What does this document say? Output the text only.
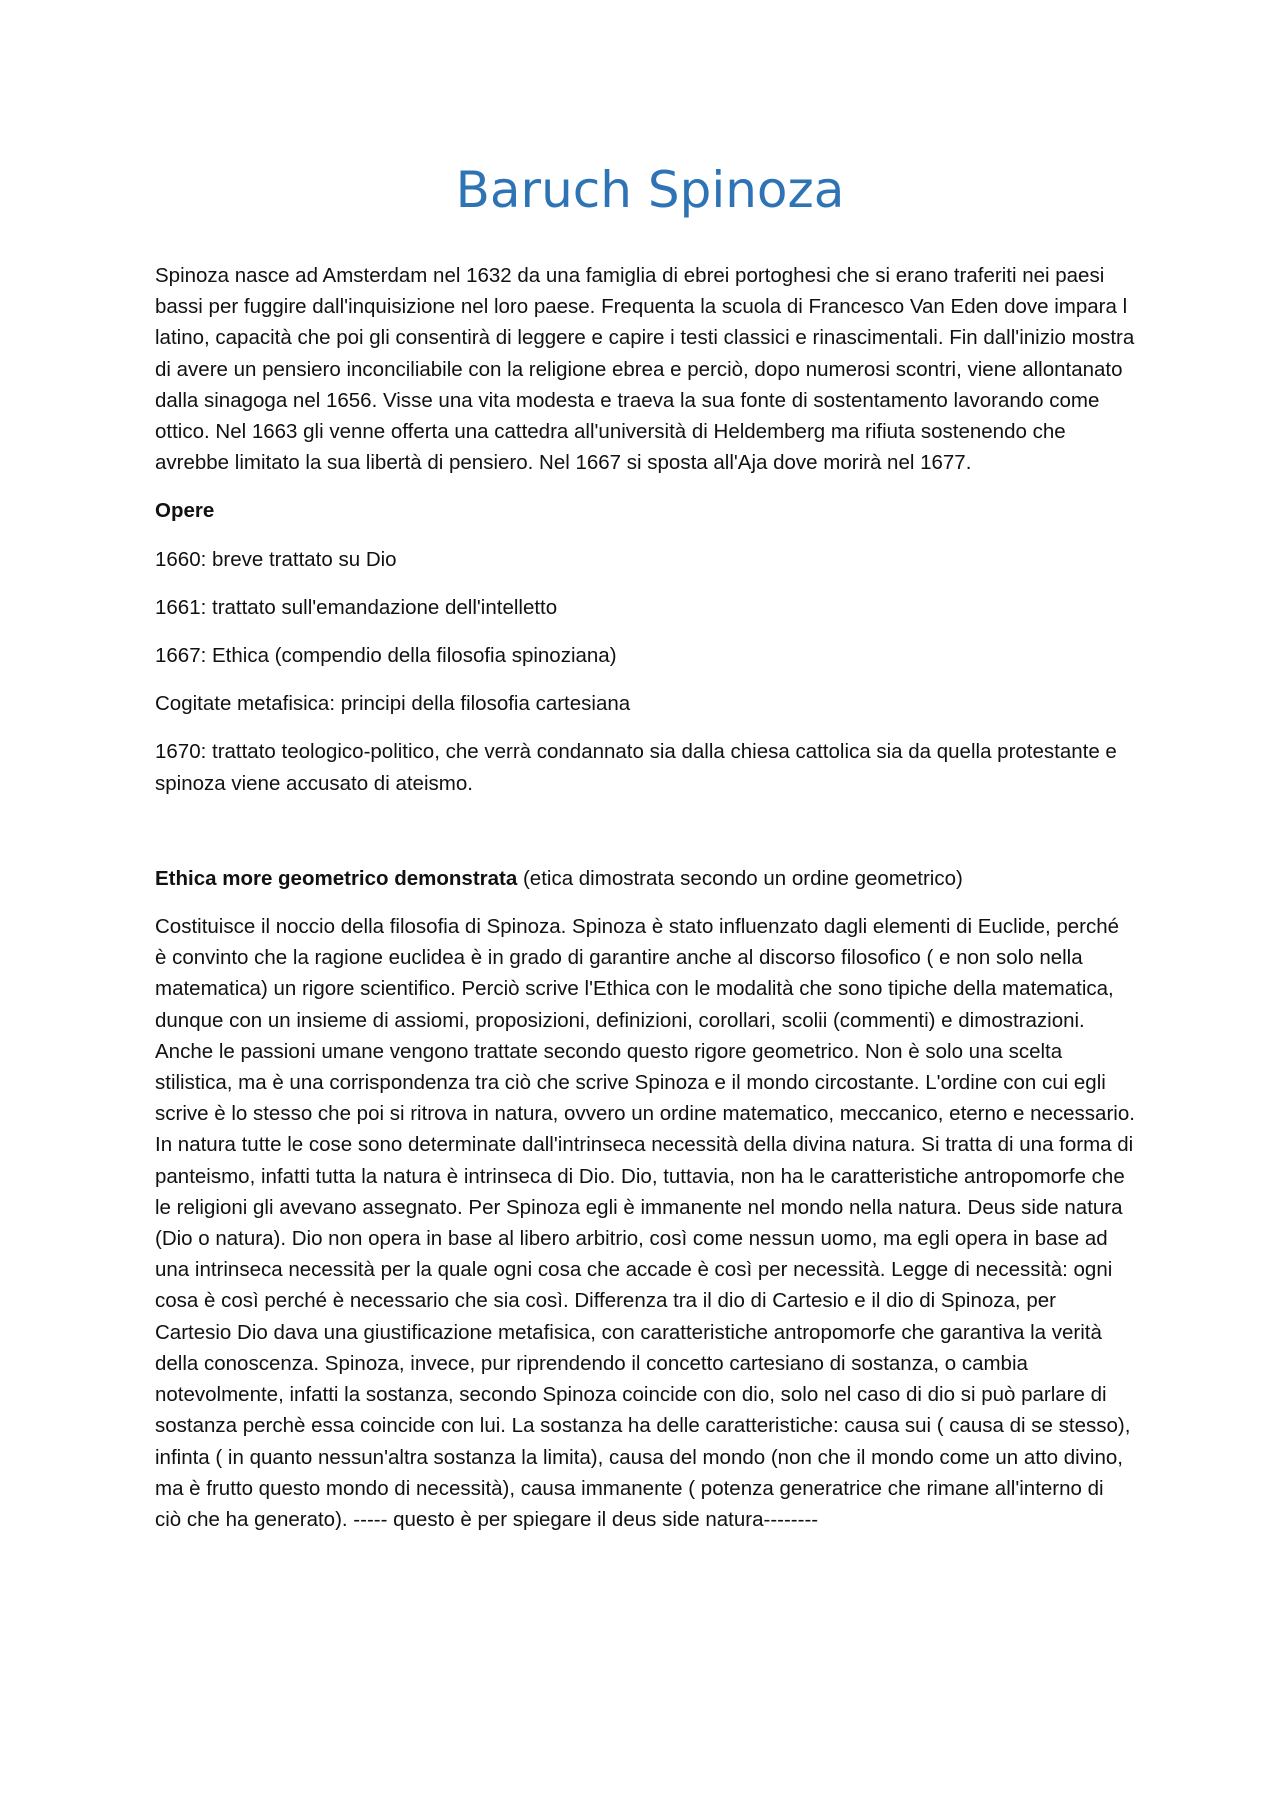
Baruch Spinoza

Spinoza nasce ad Amsterdam nel 1632 da una famiglia di ebrei portoghesi che si erano traferiti nei paesi bassi per fuggire dall'inquisizione nel loro paese. Frequenta la scuola di Francesco Van Eden dove impara l latino, capacità che poi gli consentirà di leggere e capire i testi classici e rinascimentali. Fin dall'inizio mostra di avere un pensiero inconciliabile con la religione ebrea e perciò, dopo numerosi scontri, viene allontanato dalla sinagoga nel 1656. Visse una vita modesta e traeva la sua fonte di sostentamento lavorando come ottico. Nel 1663 gli venne offerta una cattedra all'università di Heldemberg ma rifiuta sostenendo che avrebbe limitato la sua libertà di pensiero. Nel 1667 si sposta all'Aja dove morirà nel 1677.

Opere

1660: breve trattato su Dio

1661: trattato sull'emandazione dell'intelletto

1667: Ethica (compendio della filosofia spinoziana)

Cogitate metafisica: principi della filosofia cartesiana

1670: trattato teologico-politico, che verrà condannato sia dalla chiesa cattolica sia da quella protestante e spinoza viene accusato di ateismo.

Ethica more geometrico demonstrata (etica dimostrata secondo un ordine geometrico)

Costituisce il noccio della filosofia di Spinoza. Spinoza è stato influenzato dagli elementi di Euclide, perché è convinto che la ragione euclidea è in grado di garantire anche al discorso filosofico ( e non solo nella matematica) un rigore scientifico. Perciò scrive l'Ethica con le modalità che sono tipiche della matematica, dunque con un insieme di assiomi, proposizioni, definizioni, corollari, scolii (commenti) e dimostrazioni. Anche le passioni umane vengono trattate secondo questo rigore geometrico. Non è solo una scelta stilistica, ma è una corrispondenza tra ciò che scrive Spinoza e il mondo circostante. L'ordine con cui egli scrive è lo stesso che poi si ritrova in natura, ovvero un ordine matematico, meccanico, eterno e necessario. In natura tutte le cose sono determinate dall'intrinseca necessità della divina natura. Si tratta di una forma di panteismo, infatti tutta la natura è intrinseca di Dio. Dio, tuttavia, non ha le caratteristiche antropomorfe che le religioni gli avevano assegnato. Per Spinoza egli è immanente nel mondo nella natura. Deus side natura (Dio o natura). Dio non opera in base al libero arbitrio, così come nessun uomo, ma egli opera in base ad una intrinseca necessità per la quale ogni cosa che accade è così per necessità. Legge di necessità: ogni cosa è così perché è necessario che sia così. Differenza tra il dio di Cartesio e il dio di Spinoza, per Cartesio Dio dava una giustificazione metafisica, con caratteristiche antropomorfe che garantiva la verità della conoscenza. Spinoza, invece, pur riprendendo il concetto cartesiano di sostanza, o cambia notevolmente, infatti la sostanza, secondo Spinoza coincide con dio, solo nel caso di dio si può parlare di sostanza perchè essa coincide con lui. La sostanza ha delle caratteristiche: causa sui ( causa di se stesso), infinta ( in quanto nessun'altra sostanza la limita), causa del mondo (non che il mondo come un atto divino, ma è frutto questo mondo di necessità), causa immanente ( potenza generatrice che rimane all'interno di ciò che ha generato). ----- questo è per spiegare il deus side natura--------
